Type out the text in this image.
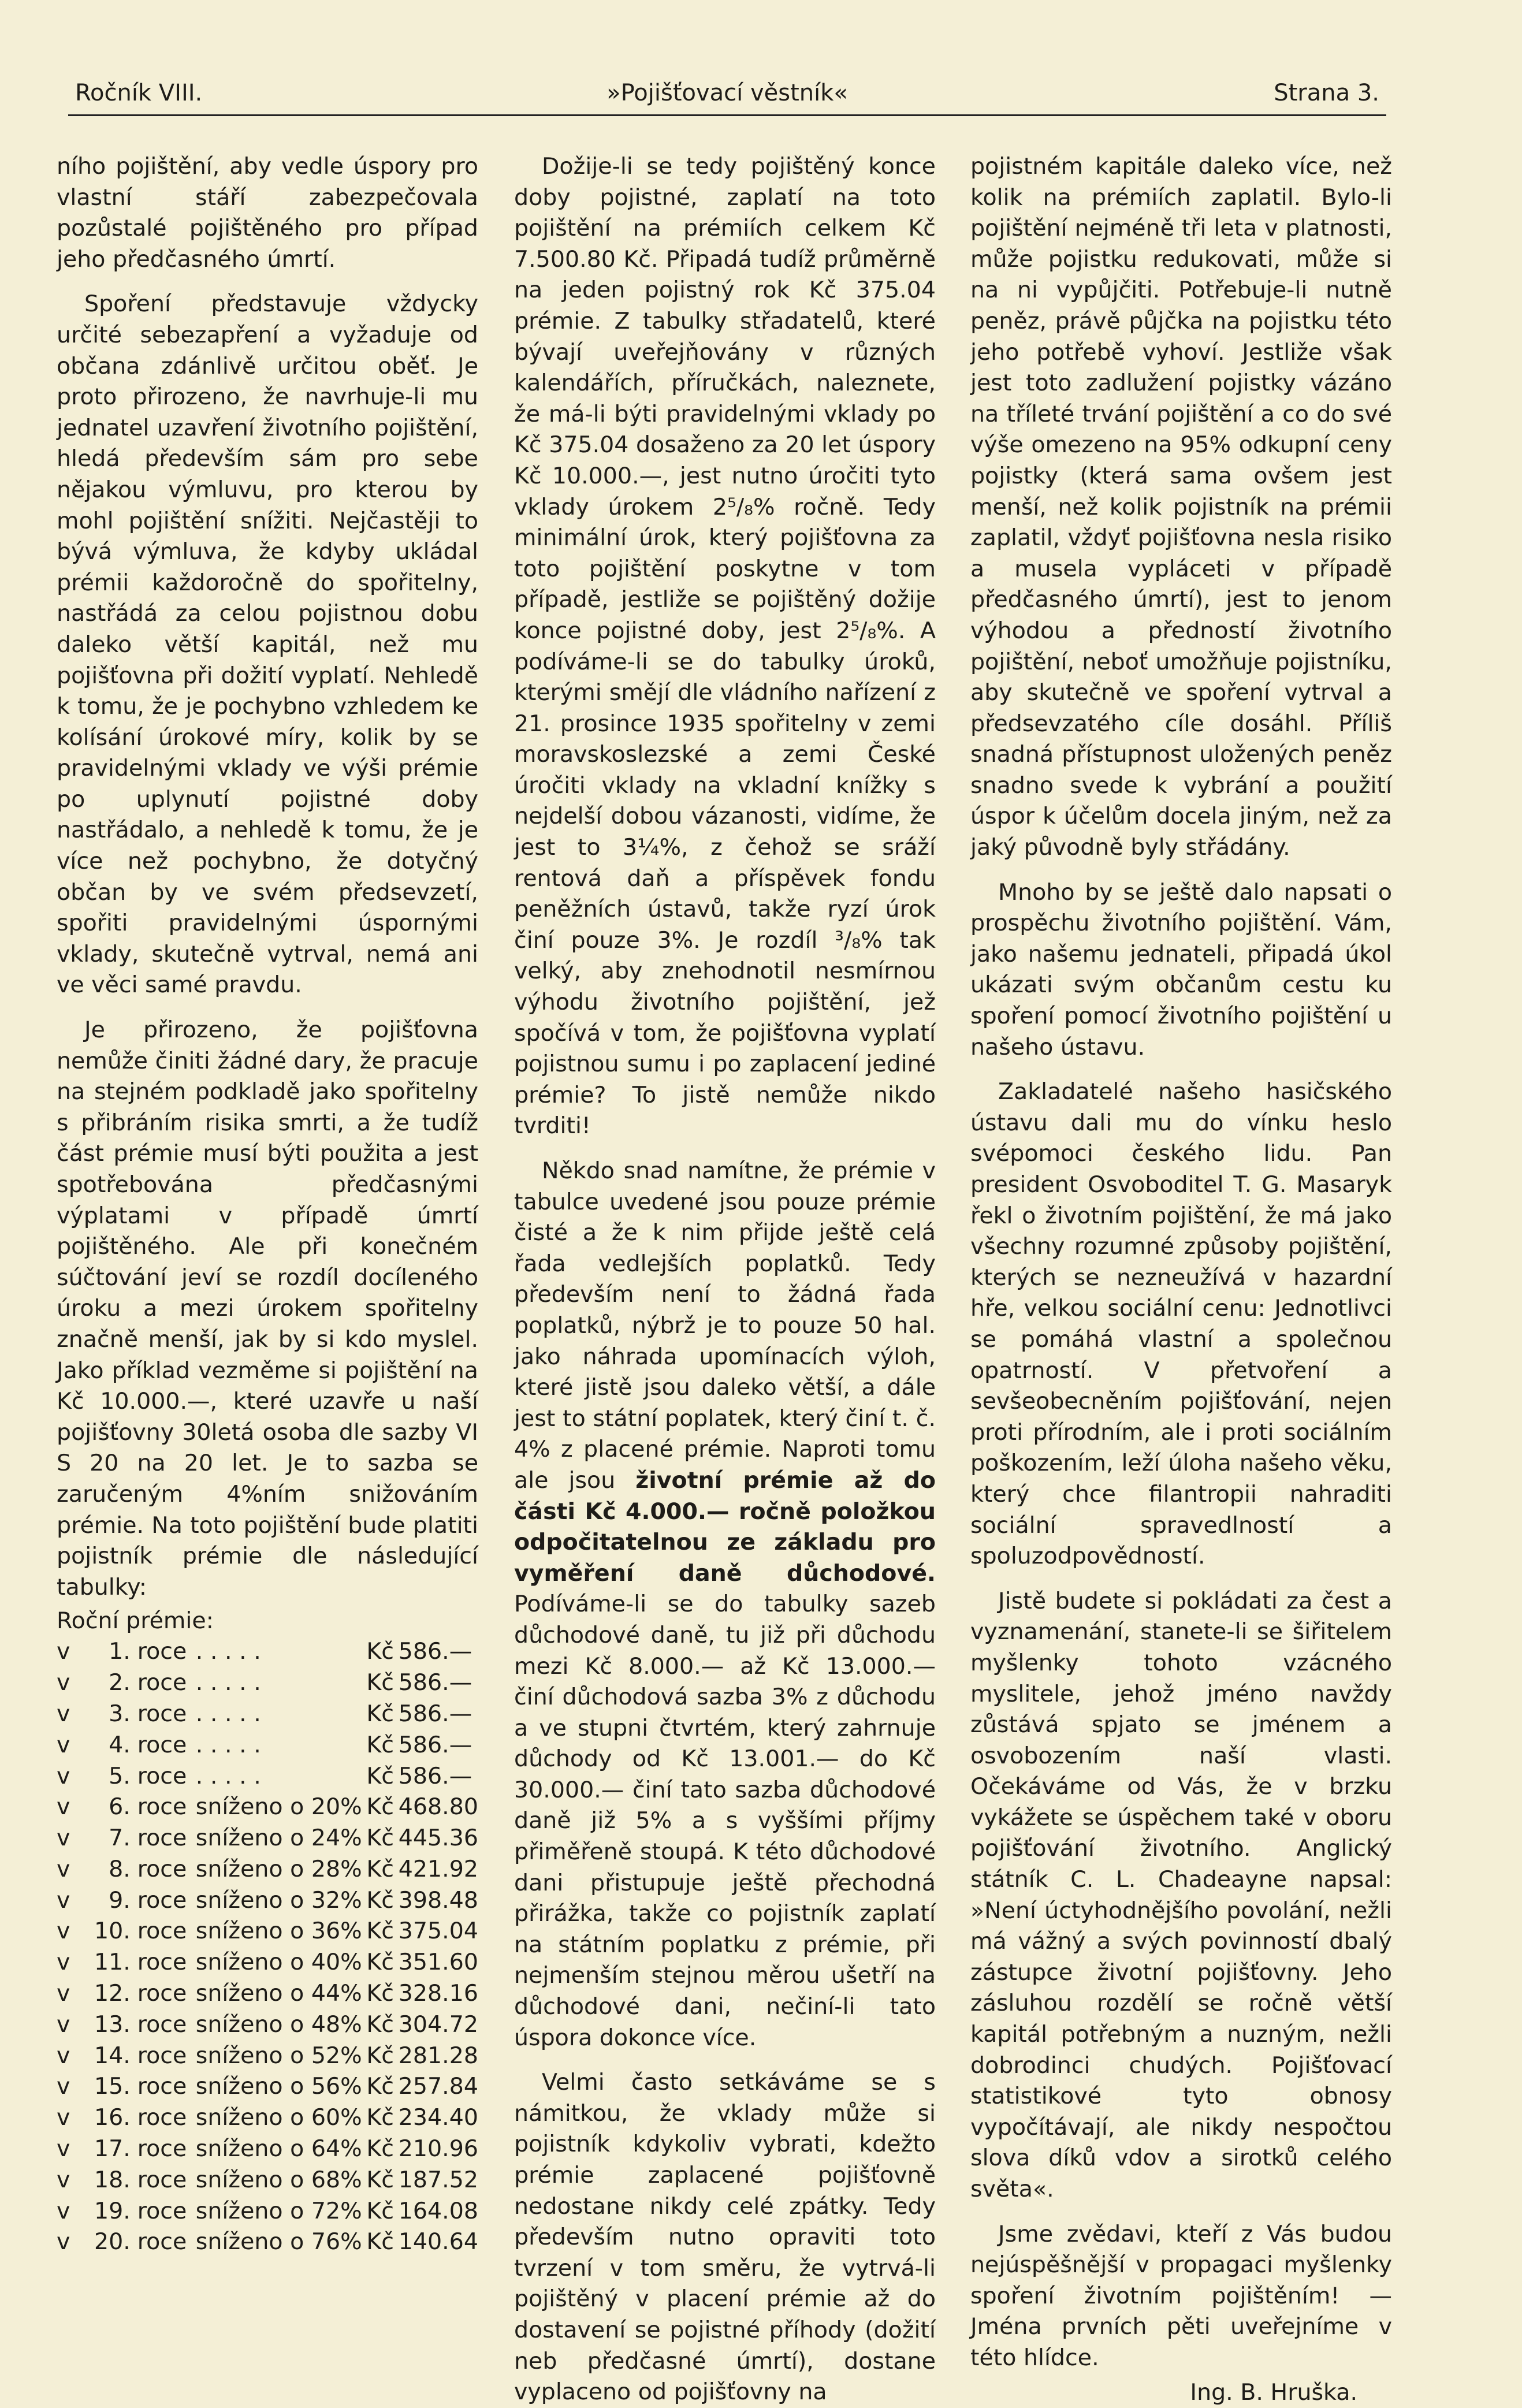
»Pojišťovací věstník«
Ročník VIII.	Strana 3.

ního pojištění, aby vedle úspory pro vlastní stáří zabezpečovala pozůstalé pojištěného pro případ jeho předčasného úmrtí.

Spoření představuje vždycky určité sebezapření a vyžaduje od občana zdánlivě určitou oběť. Je proto přirozeno, že navrhuje-li mu jednatel uzavření životního pojištění, hledá především sám pro sebe nějakou výmluvu, pro kterou by mohl pojištění snížiti. Nejčastěji to bývá výmluva, že kdyby ukládal prémii každoročně do spořitelny, nastřádá za celou pojistnou dobu daleko větší kapitál, než mu pojišťovna při dožití vyplatí. Nehledě k tomu, že je pochybno vzhledem ke kolísání úrokové míry, kolik by se pravidelnými vklady ve výši prémie po uplynutí pojistné doby nastřádalo, a nehledě k tomu, že je více než pochybno, že dotyčný občan by ve svém předsevzetí, spořiti pravidelnými úspornými vklady, skutečně vytrval, nemá ani ve věci samé pravdu.

Je přirozeno, že pojišťovna nemůže činiti žádné dary, že pracuje na stejném podkladě jako spořitelny s přibráním risika smrti, a že tudíž část prémie musí býti použita a jest spotřebována předčasnými výplatami v případě úmrtí pojištěného. Ale při konečném súčtování jeví se rozdíl docíleného úroku a mezi úrokem spořitelny značně menší, jak by si kdo myslel. Jako příklad vezměme si pojištění na Kč 10.000.—, které uzavře u naší pojišťovny 30letá osoba dle sazby VI S 20 na 20 let. Je to sazba se zaručeným 4%ním snižováním prémie. Na toto pojištění bude platiti pojistník prémie dle následující tabulky:

Roční prémie:
v	1.	roce	. . . . .	Kč	586.—
v	2.	roce	. . . . .	Kč	586.—
v	3.	roce	. . . . .	Kč	586.—
v	4.	roce	. . . . .	Kč	586.—
v	5.	roce	. . . . .	Kč	586.—
v	6.	roce	sníženo o 20%	Kč	468.80
v	7.	roce	sníženo o 24%	Kč	445.36
v	8.	roce	sníženo o 28%	Kč	421.92
v	9.	roce	sníženo o 32%	Kč	398.48
v	10.	roce	sníženo o 36%	Kč	375.04
v	11.	roce	sníženo o 40%	Kč	351.60
v	12.	roce	sníženo o 44%	Kč	328.16
v	13.	roce	sníženo o 48%	Kč	304.72
v	14.	roce	sníženo o 52%	Kč	281.28
v	15.	roce	sníženo o 56%	Kč	257.84
v	16.	roce	sníženo o 60%	Kč	234.40
v	17.	roce	sníženo o 64%	Kč	210.96
v	18.	roce	sníženo o 68%	Kč	187.52
v	19.	roce	sníženo o 72%	Kč	164.08
v	20.	roce	sníženo o 76%	Kč	140.64

Dožije-li se tedy pojištěný konce doby pojistné, zaplatí na toto pojištění na prémiích celkem Kč 7.500.80 Kč. Připadá tudíž průměrně na jeden pojistný rok Kč 375.04 prémie. Z tabulky střadatelů, které bývají uveřejňovány v různých kalendářích, příručkách, naleznete, že má-li býti pravidelnými vklady po Kč 375.04 dosaženo za 20 let úspory Kč 10.000.—, jest nutno úročiti tyto vklady úrokem 2⁵/₈% ročně. Tedy minimální úrok, který pojišťovna za toto pojištění poskytne v tom případě, jestliže se pojištěný dožije konce pojistné doby, jest 2⁵/₈%. A podíváme-li se do tabulky úroků, kterými smějí dle vládního nařízení z 21. prosince 1935 spořitelny v zemi moravskoslezské a zemi České úročiti vklady na vkladní knížky s nejdelší dobou vázanosti, vidíme, že jest to 3¼%, z čehož se sráží rentová daň a příspěvek fondu peněžních ústavů, takže ryzí úrok činí pouze 3%. Je rozdíl ³/₈% tak velký, aby znehodnotil nesmírnou výhodu životního pojištění, jež spočívá v tom, že pojišťovna vyplatí pojistnou sumu i po zaplacení jediné prémie? To jistě nemůže nikdo tvrditi!

Někdo snad namítne, že prémie v tabulce uvedené jsou pouze prémie čisté a že k nim přijde ještě celá řada vedlejších poplatků. Tedy především není to žádná řada poplatků, nýbrž je to pouze 50 hal. jako náhrada upomínacích výloh, které jistě jsou daleko větší, a dále jest to státní poplatek, který činí t. č. 4% z placené prémie. Naproti tomu ale jsou životní prémie až do části Kč 4.000.— ročně položkou odpočitatelnou ze základu pro vyměření daně důchodové. Podíváme-li se do tabulky sazeb důchodové daně, tu již při důchodu mezi Kč 8.000.— až Kč 13.000.— činí důchodová sazba 3% z důchodu a ve stupni čtvrtém, který zahrnuje důchody od Kč 13.001.— do Kč 30.000.— činí tato sazba důchodové daně již 5% a s vyššími příjmy přiměřeně stoupá. K této důchodové dani přistupuje ještě přechodná přirážka, takže co pojistník zaplatí na státním poplatku z prémie, při nejmenším stejnou měrou ušetří na důchodové dani, nečiní-li tato úspora dokonce více.

Velmi často setkáváme se s námitkou, že vklady může si pojistník kdykoliv vybrati, kdežto prémie zaplacené pojišťovně nedostane nikdy celé zpátky. Tedy především nutno opraviti toto tvrzení v tom směru, že vytrvá-li pojištěný v placení prémie až do dostavení se pojistné příhody (dožití neb předčasné úmrtí), dostane vyplaceno od pojišťovny na

pojistném kapitále daleko více, než kolik na prémiích zaplatil. Bylo-li pojištění nejméně tři leta v platnosti, může pojistku redukovati, může si na ni vypůjčiti. Potřebuje-li nutně peněz, právě půjčka na pojistku této jeho potřebě vyhoví. Jestliže však jest toto zadlužení pojistky vázáno na tříleté trvání pojištění a co do své výše omezeno na 95% odkupní ceny pojistky (která sama ovšem jest menší, než kolik pojistník na prémii zaplatil, vždyť pojišťovna nesla risiko a musela vypláceti v případě předčasného úmrtí), jest to jenom výhodou a předností životního pojištění, neboť umožňuje pojistníku, aby skutečně ve spoření vytrval a předsevzatého cíle dosáhl. Příliš snadná přístupnost uložených peněz snadno svede k vybrání a použití úspor k účelům docela jiným, než za jaký původně byly střádány.

Mnoho by se ještě dalo napsati o prospěchu životního pojištění. Vám, jako našemu jednateli, připadá úkol ukázati svým občanům cestu ku spoření pomocí životního pojištění u našeho ústavu.

Zakladatelé našeho hasičského ústavu dali mu do vínku heslo svépomoci českého lidu. Pan president Osvoboditel T. G. Masaryk řekl o životním pojištění, že má jako všechny rozumné způsoby pojištění, kterých se nezneužívá v hazardní hře, velkou sociální cenu: Jednotlivci se pomáhá vlastní a společnou opatrností. V přetvoření a sevšeobecněním pojišťování, nejen proti přírodním, ale i proti sociálním poškozením, leží úloha našeho věku, který chce filantropii nahraditi sociální spravedlností a spoluzodpovědností.

Jistě budete si pokládati za čest a vyznamenání, stanete-li se šiřitelem myšlenky tohoto vzácného myslitele, jehož jméno navždy zůstává spjato se jménem a osvobozením naší vlasti. Očekáváme od Vás, že v brzku vykážete se úspěchem také v oboru pojišťování životního. Anglický státník C. L. Chadeayne napsal: »Není úctyhodnějšího povolání, nežli má vážný a svých povinností dbalý zástupce životní pojišťovny. Jeho zásluhou rozdělí se ročně větší kapitál potřebným a nuzným, nežli dobrodinci chudých. Pojišťovací statistikové tyto obnosy vypočítávají, ale nikdy nespočtou slova díků vdov a sirotků celého světa«.

Jsme zvědavi, kteří z Vás budou nejúspěšnější v propagaci myšlenky spoření životním pojištěním! — Jména prvních pěti uveřejníme v této hlídce.

Ing. B. Hruška.
